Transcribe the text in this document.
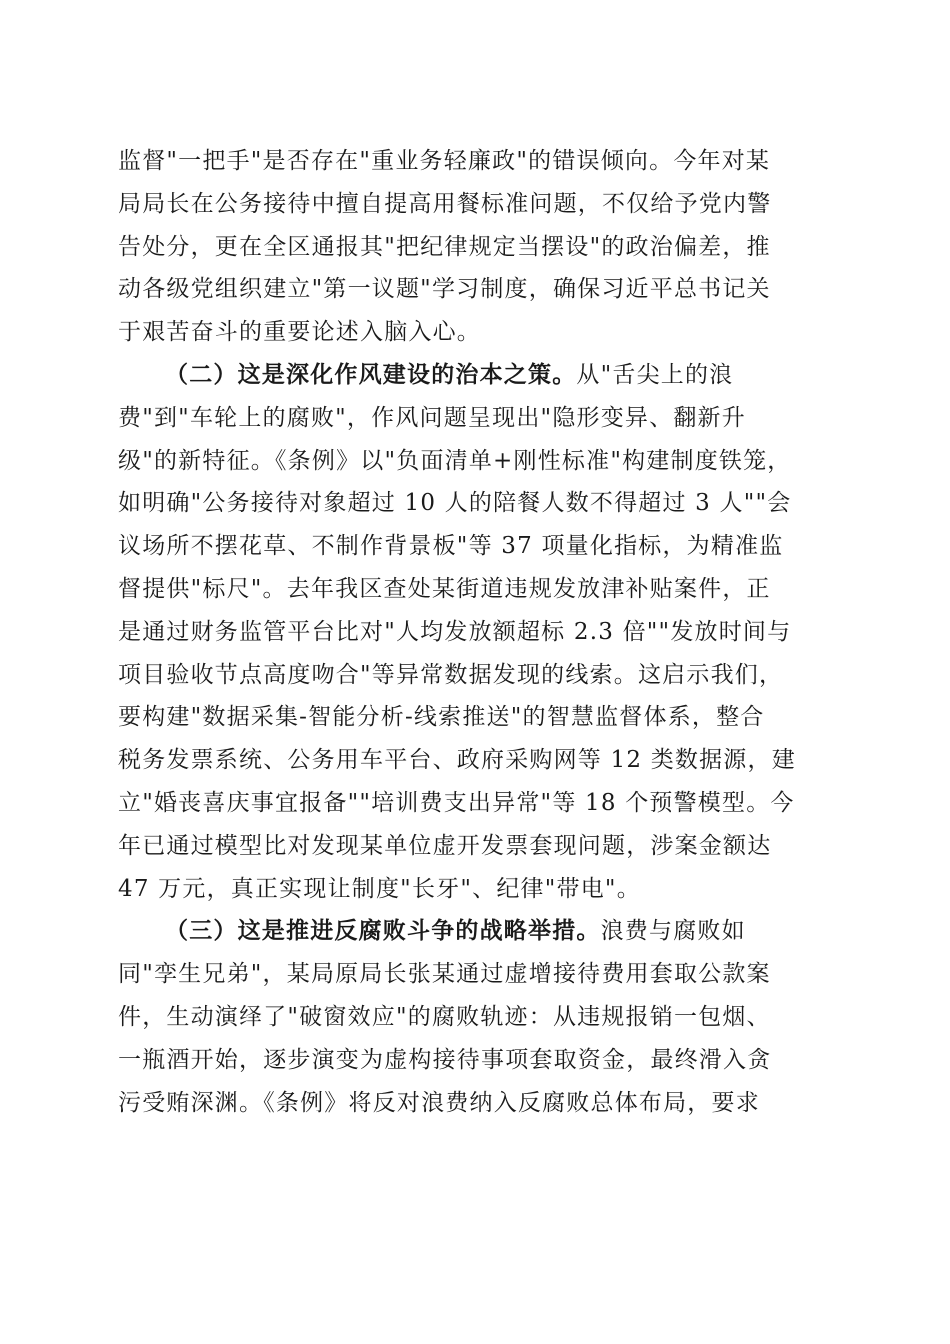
监督"一把手"是否存在"重业务轻廉政"的错误倾向。今年对某
局局长在公务接待中擅自提高用餐标准问题，不仅给予党内警
告处分，更在全区通报其"把纪律规定当摆设"的政治偏差，推
动各级党组织建立"第一议题"学习制度，确保习近平总书记关
于艰苦奋斗的重要论述入脑入心。
（二）这是深化作风建设的治本之策。从"舌尖上的浪
费"到"车轮上的腐败"，作风问题呈现出"隐形变异、翻新升
级"的新特征。《条例》以"负面清单+刚性标准"构建制度铁笼，
如明确"公务接待对象超过 10 人的陪餐人数不得超过 3 人""会
议场所不摆花草、不制作背景板"等 37 项量化指标，为精准监
督提供"标尺"。去年我区查处某街道违规发放津补贴案件，正
是通过财务监管平台比对"人均发放额超标 2.3 倍""发放时间与
项目验收节点高度吻合"等异常数据发现的线索。这启示我们，
要构建"数据采集-智能分析-线索推送"的智慧监督体系，整合
税务发票系统、公务用车平台、政府采购网等 12 类数据源，建
立"婚丧喜庆事宜报备""培训费支出异常"等 18 个预警模型。今
年已通过模型比对发现某单位虚开发票套现问题，涉案金额达
47 万元，真正实现让制度"长牙"、纪律"带电"。
（三）这是推进反腐败斗争的战略举措。浪费与腐败如
同"孪生兄弟"，某局原局长张某通过虚增接待费用套取公款案
件，生动演绎了"破窗效应"的腐败轨迹：从违规报销一包烟、
一瓶酒开始，逐步演变为虚构接待事项套取资金，最终滑入贪
污受贿深渊。《条例》将反对浪费纳入反腐败总体布局，要求
